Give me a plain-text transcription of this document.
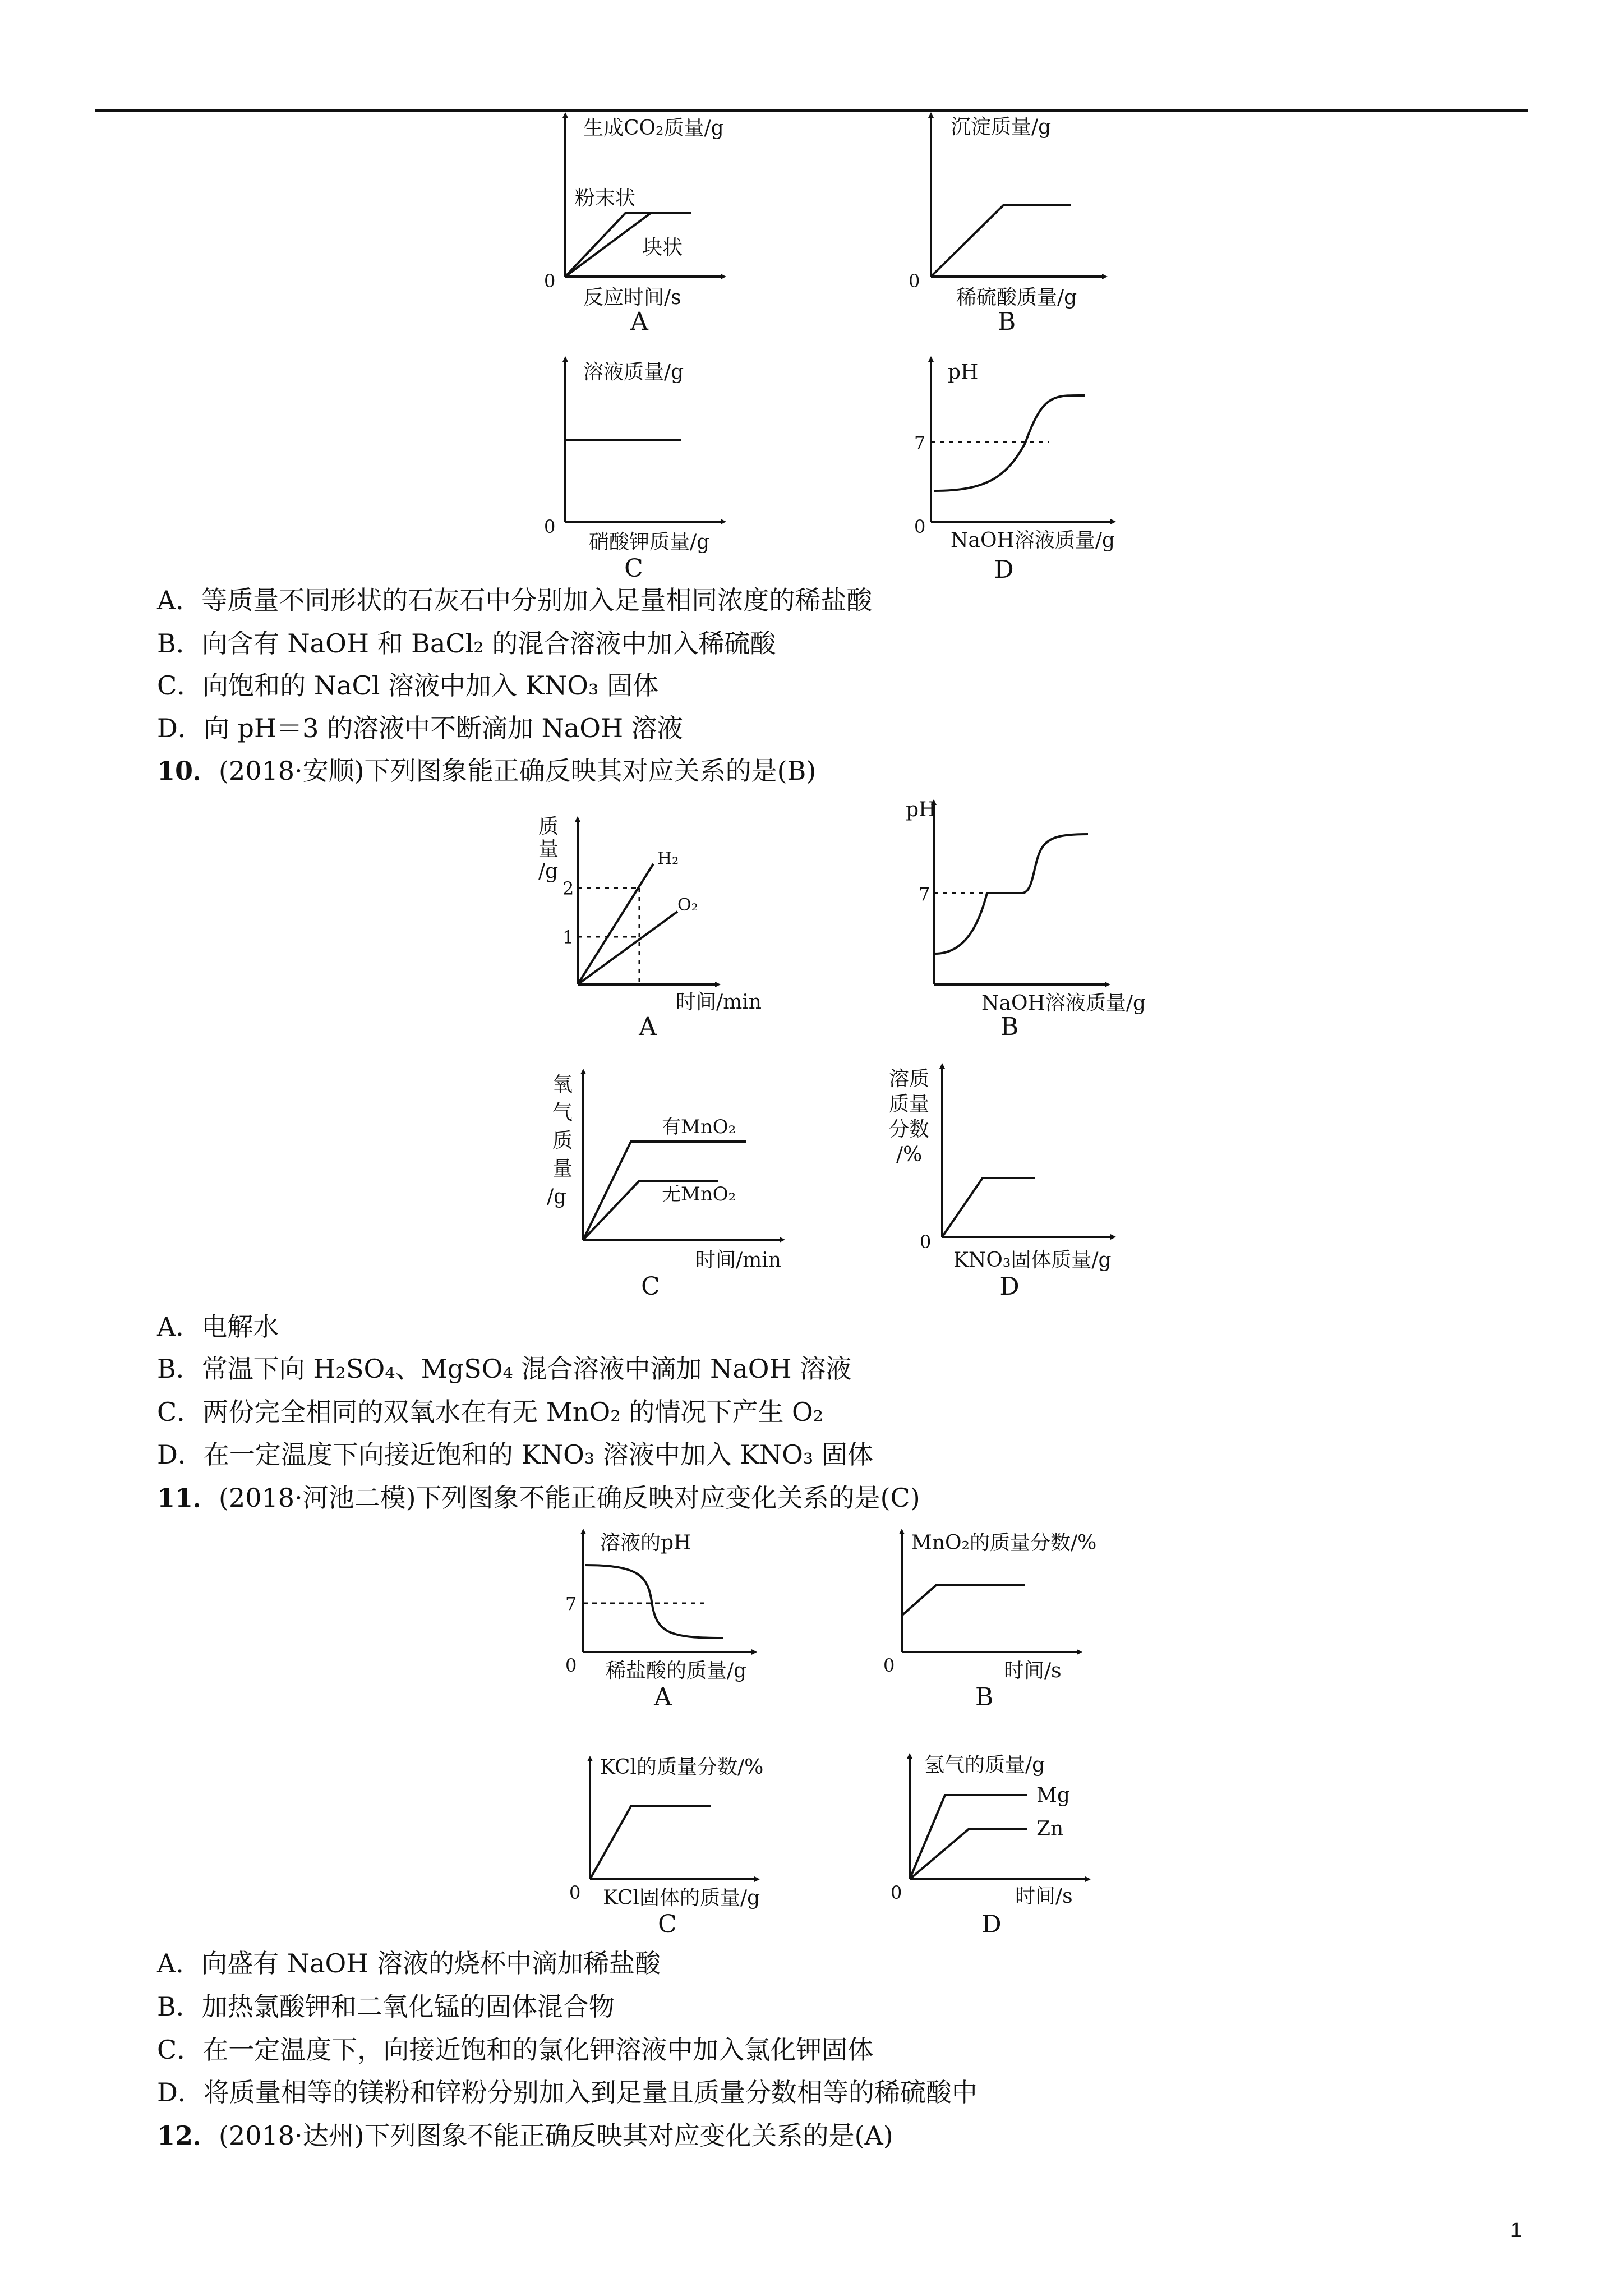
生成CO₂质量/g
0
反应时间/s
粉末状
块状
A
沉淀质量/g
0
稀硫酸质量/g
B
溶液质量/g
0
硝酸钾质量/g
C
pH
7
0
NaOH溶液质量/g
D
质
量
/g
2
1
H₂
O₂
时间/min
A
pH
7
NaOH溶液质量/g
B
氧
气
质
量
/g
有MnO₂
无MnO₂
时间/min
C
溶质
质量
分数
/%
0
KNO₃固体质量/g
D
溶液的pH
7
0 稀盐酸的质量/g
A
MnO₂的质量分数/%
0	时间/s
B
KCl的质量分数/%
0 KCl固体的质量/g
C
氢气的质量/g
Mg
Zn
0	时间/s
D
A．等质量不同形状的石灰石中分别加入足量相同浓度的稀盐酸
B．向含有 NaOH 和 BaCl₂ 的混合溶液中加入稀硫酸
C．向饱和的 NaCl 溶液中加入 KNO₃ 固体
D．向 pH＝3 的溶液中不断滴加 NaOH 溶液
10．(2018·安顺)下列图象能正确反映其对应关系的是(B)
A．电解水
B．常温下向 H₂SO₄、MgSO₄ 混合溶液中滴加 NaOH 溶液
C．两份完全相同的双氧水在有无 MnO₂ 的情况下产生 O₂
D．在一定温度下向接近饱和的 KNO₃ 溶液中加入 KNO₃ 固体
11．(2018·河池二模)下列图象不能正确反映对应变化关系的是(C)
A．向盛有 NaOH 溶液的烧杯中滴加稀盐酸
B．加热氯酸钾和二氧化锰的固体混合物
C．在一定温度下，向接近饱和的氯化钾溶液中加入氯化钾固体
D．将质量相等的镁粉和锌粉分别加入到足量且质量分数相等的稀硫酸中
12．(2018·达州)下列图象不能正确反映其对应变化关系的是(A)
1
